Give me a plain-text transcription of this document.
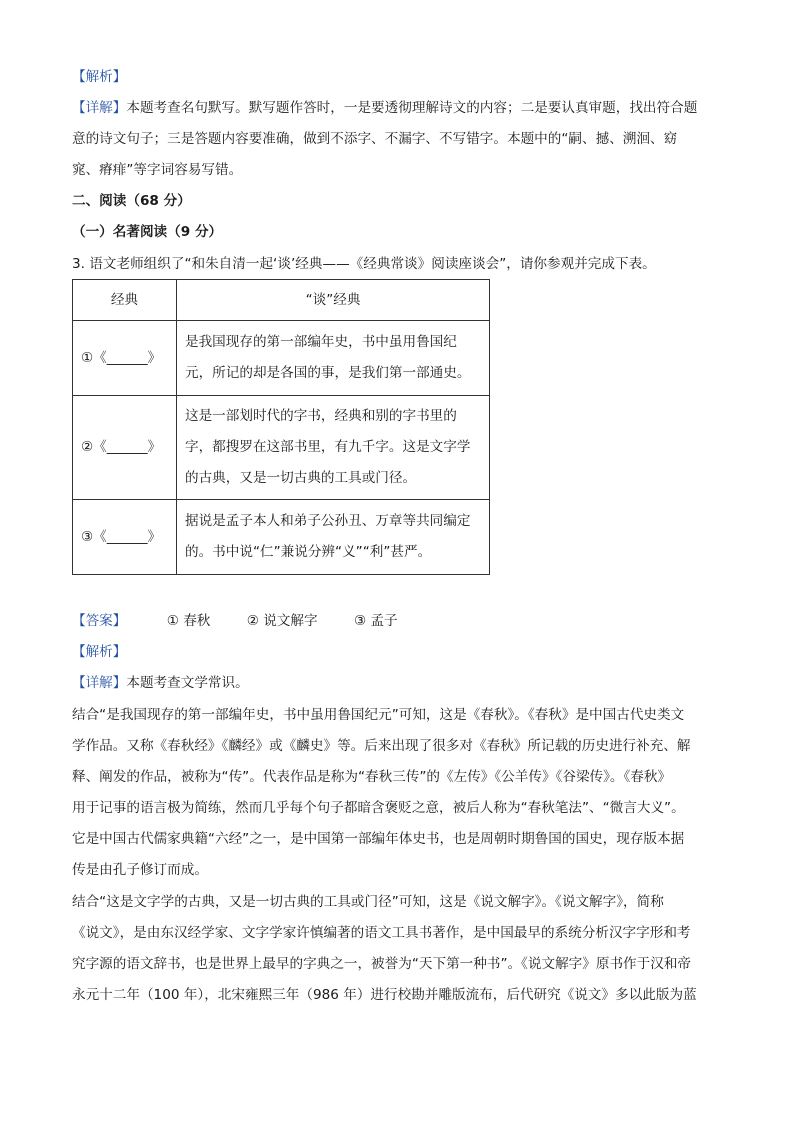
【解析】
【详解】本题考查名句默写。默写题作答时，一是要透彻理解诗文的内容；二是要认真审题，找出符合题
意的诗文句子；三是答题内容要准确，做到不添字、不漏字、不写错字。本题中的“嗣、撼、溯洄、窈
窕、瘠痱”等字词容易写错。
二、阅读（68 分）
（一）名著阅读（9 分）
3. 语文老师组织了“和朱自清一起‘谈’经典——《经典常谈》阅读座谈会”，请你参观并完成下表。
经典	“谈”经典
①《______》	是我国现存的第一部编年史，书中虽用鲁国纪
元，所记的却是各国的事，是我们第一部通史。

②《______》	这是一部划时代的字书，经典和别的字书里的
字，都搜罗在这部书里，有九千字。这是文字学
的古典，又是一切古典的工具或门径。

③《______》	据说是孟子本人和弟子公孙丑、万章等共同编定
的。书中说“仁”兼说分辨“义”“利”甚严。
【答案】	① 春秋	② 说文解字	③ 孟子
【解析】
【详解】本题考查文学常识。
结合“是我国现存的第一部编年史，书中虽用鲁国纪元”可知，这是《春秋》。《春秋》是中国古代史类文
学作品。又称《春秋经》《麟经》或《麟史》等。后来出现了很多对《春秋》所记载的历史进行补充、解
释、阐发的作品，被称为“传”。代表作品是称为“春秋三传”的《左传》《公羊传》《谷梁传》。《春秋》
用于记事的语言极为简练，然而几乎每个句子都暗含褒贬之意，被后人称为“春秋笔法”、“微言大义”。
它是中国古代儒家典籍“六经”之一，是中国第一部编年体史书，也是周朝时期鲁国的国史，现存版本据
传是由孔子修订而成。
结合“这是文字学的古典，又是一切古典的工具或门径”可知，这是《说文解字》。《说文解字》，简称
《说文》，是由东汉经学家、文字学家许慎编著的语文工具书著作，是中国最早的系统分析汉字字形和考
究字源的语文辞书，也是世界上最早的字典之一，被誉为“天下第一种书”。《说文解字》原书作于汉和帝
永元十二年（100 年），北宋雍熙三年（986 年）进行校勘并雕版流布，后代研究《说文》多以此版为蓝
